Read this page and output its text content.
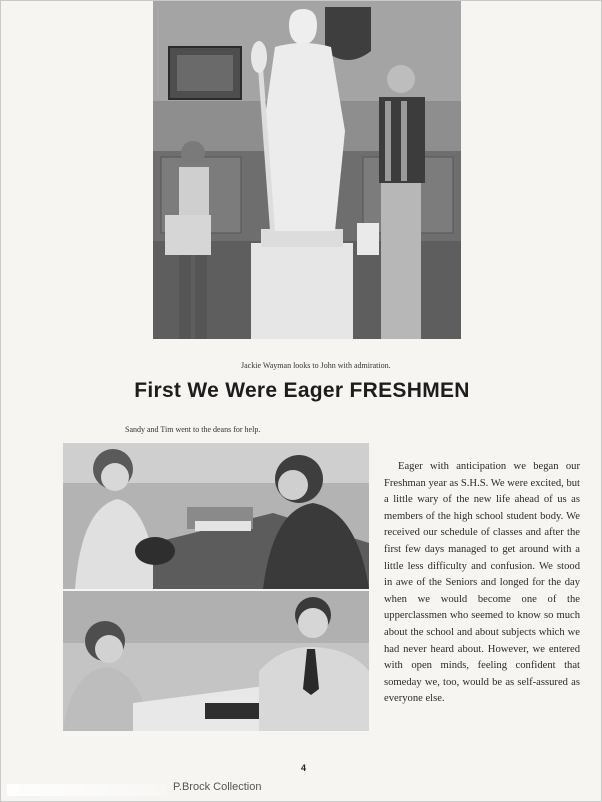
Jackie Wayman looks to John with admiration.
First We Were Eager FRESHMEN
Sandy and Tim went to the deans for help.

Eager with anticipation we began our Freshman year as S.H.S. We were excited, but a little wary of the new life ahead of us as members of the high school student body. We received our schedule of classes and after the first few days managed to get around with a little less difficulty and confusion. We stood in awe of the Seniors and longed for the day when we would become one of the upperclassmen who seemed to know so much about the school and about subjects which we had never heard about. However, we entered with open minds, feeling confident that someday we, too, would be as self-assured as everyone else.

4
P.Brock Collection
